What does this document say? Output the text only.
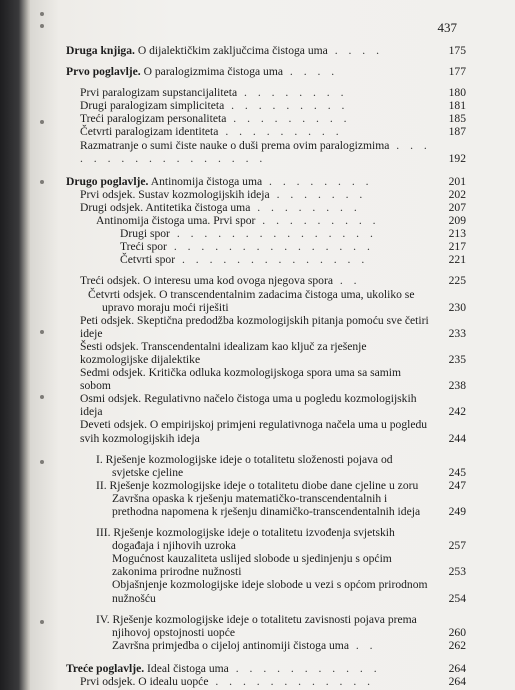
437
Druga knjiga. O dijalektičkim zaključcima čistoga uma . . . .	175
Prvo poglavlje. O paralogizmima čistoga uma . . . .	177
Prvi paralogizam supstancijaliteta . . . . . . . .	180
Drugi paralogizam simpliciteta . . . . . . . . .	181
Treći paralogizam personaliteta . . . . . . . . .	185
Četvrti paralogizam identiteta . . . . . . . . .	187
Razmatranje o sumi čiste nauke o duši prema ovim paralogizmima . . . . . . . . . . . . . . . . .	192
Drugo poglavlje. Antinomija čistoga uma . . . . . . . .	201
Prvi odsjek. Sustav kozmologijskih ideja . . . . . . .	202
Drugi odsjek. Antitetika čistoga uma . . . . . . . .	207
Antinomija čistoga uma. Prvi spor . . . . . . . . .	209
Drugi spor . . . . . . . . . . . . . . .	213
Treći spor . . . . . . . . . . . . . . .	217
Četvrti spor . . . . . . . . . . . . . .	221
Treći odsjek. O interesu uma kod ovoga njegova spora . .	225
Četvrti odsjek. O transcendentalnim zadacima čistoga uma, ukoliko se upravo moraju moći riješiti	230
Peti odsjek. Skeptična predodžba kozmologijskih pitanja pomoću sve četiri ideje	233
Šesti odsjek. Transcendentalni idealizam kao ključ za rješenje kozmologijske dijalektike	235
Sedmi odsjek. Kritička odluka kozmologijskoga spora uma sa samim sobom	238
Osmi odsjek. Regulativno načelo čistoga uma u pogledu kozmologijskih ideja	242
Deveti odsjek. O empirijskoj primjeni regulativnoga načela uma u pogledu svih kozmologijskih ideja	244
I. Rješenje kozmologijske ideje o totalitetu složenosti pojava od svjetske cjeline	245
II. Rješenje kozmologijske ideje o totalitetu diobe dane cjeline u zoru	247
Završna opaska k rješenju matematičko-transcendentalnih i prethodna napomena k rješenju dinamičko-transcendentalnih ideja	249
III. Rješenje kozmologijske ideje o totalitetu izvođenja svjetskih događaja i njihovih uzroka	257
Mogućnost kauzaliteta uslijed slobode u sjedinjenju s općim zakonima prirodne nužnosti	253
Objašnjenje kozmologijske ideje slobode u vezi s općom prirodnom nužnošću	254
IV. Rješenje kozmologijske ideje o totalitetu zavisnosti pojava prema njihovoj opstojnosti uopće	260
Završna primjedba o cijeloj antinomiji čistoga uma . .	262
Treće poglavlje. Ideal čistoga uma . . . . . . . . . . .	264
Prvi odsjek. O idealu uopće . . . . . . . . . . . .	264
